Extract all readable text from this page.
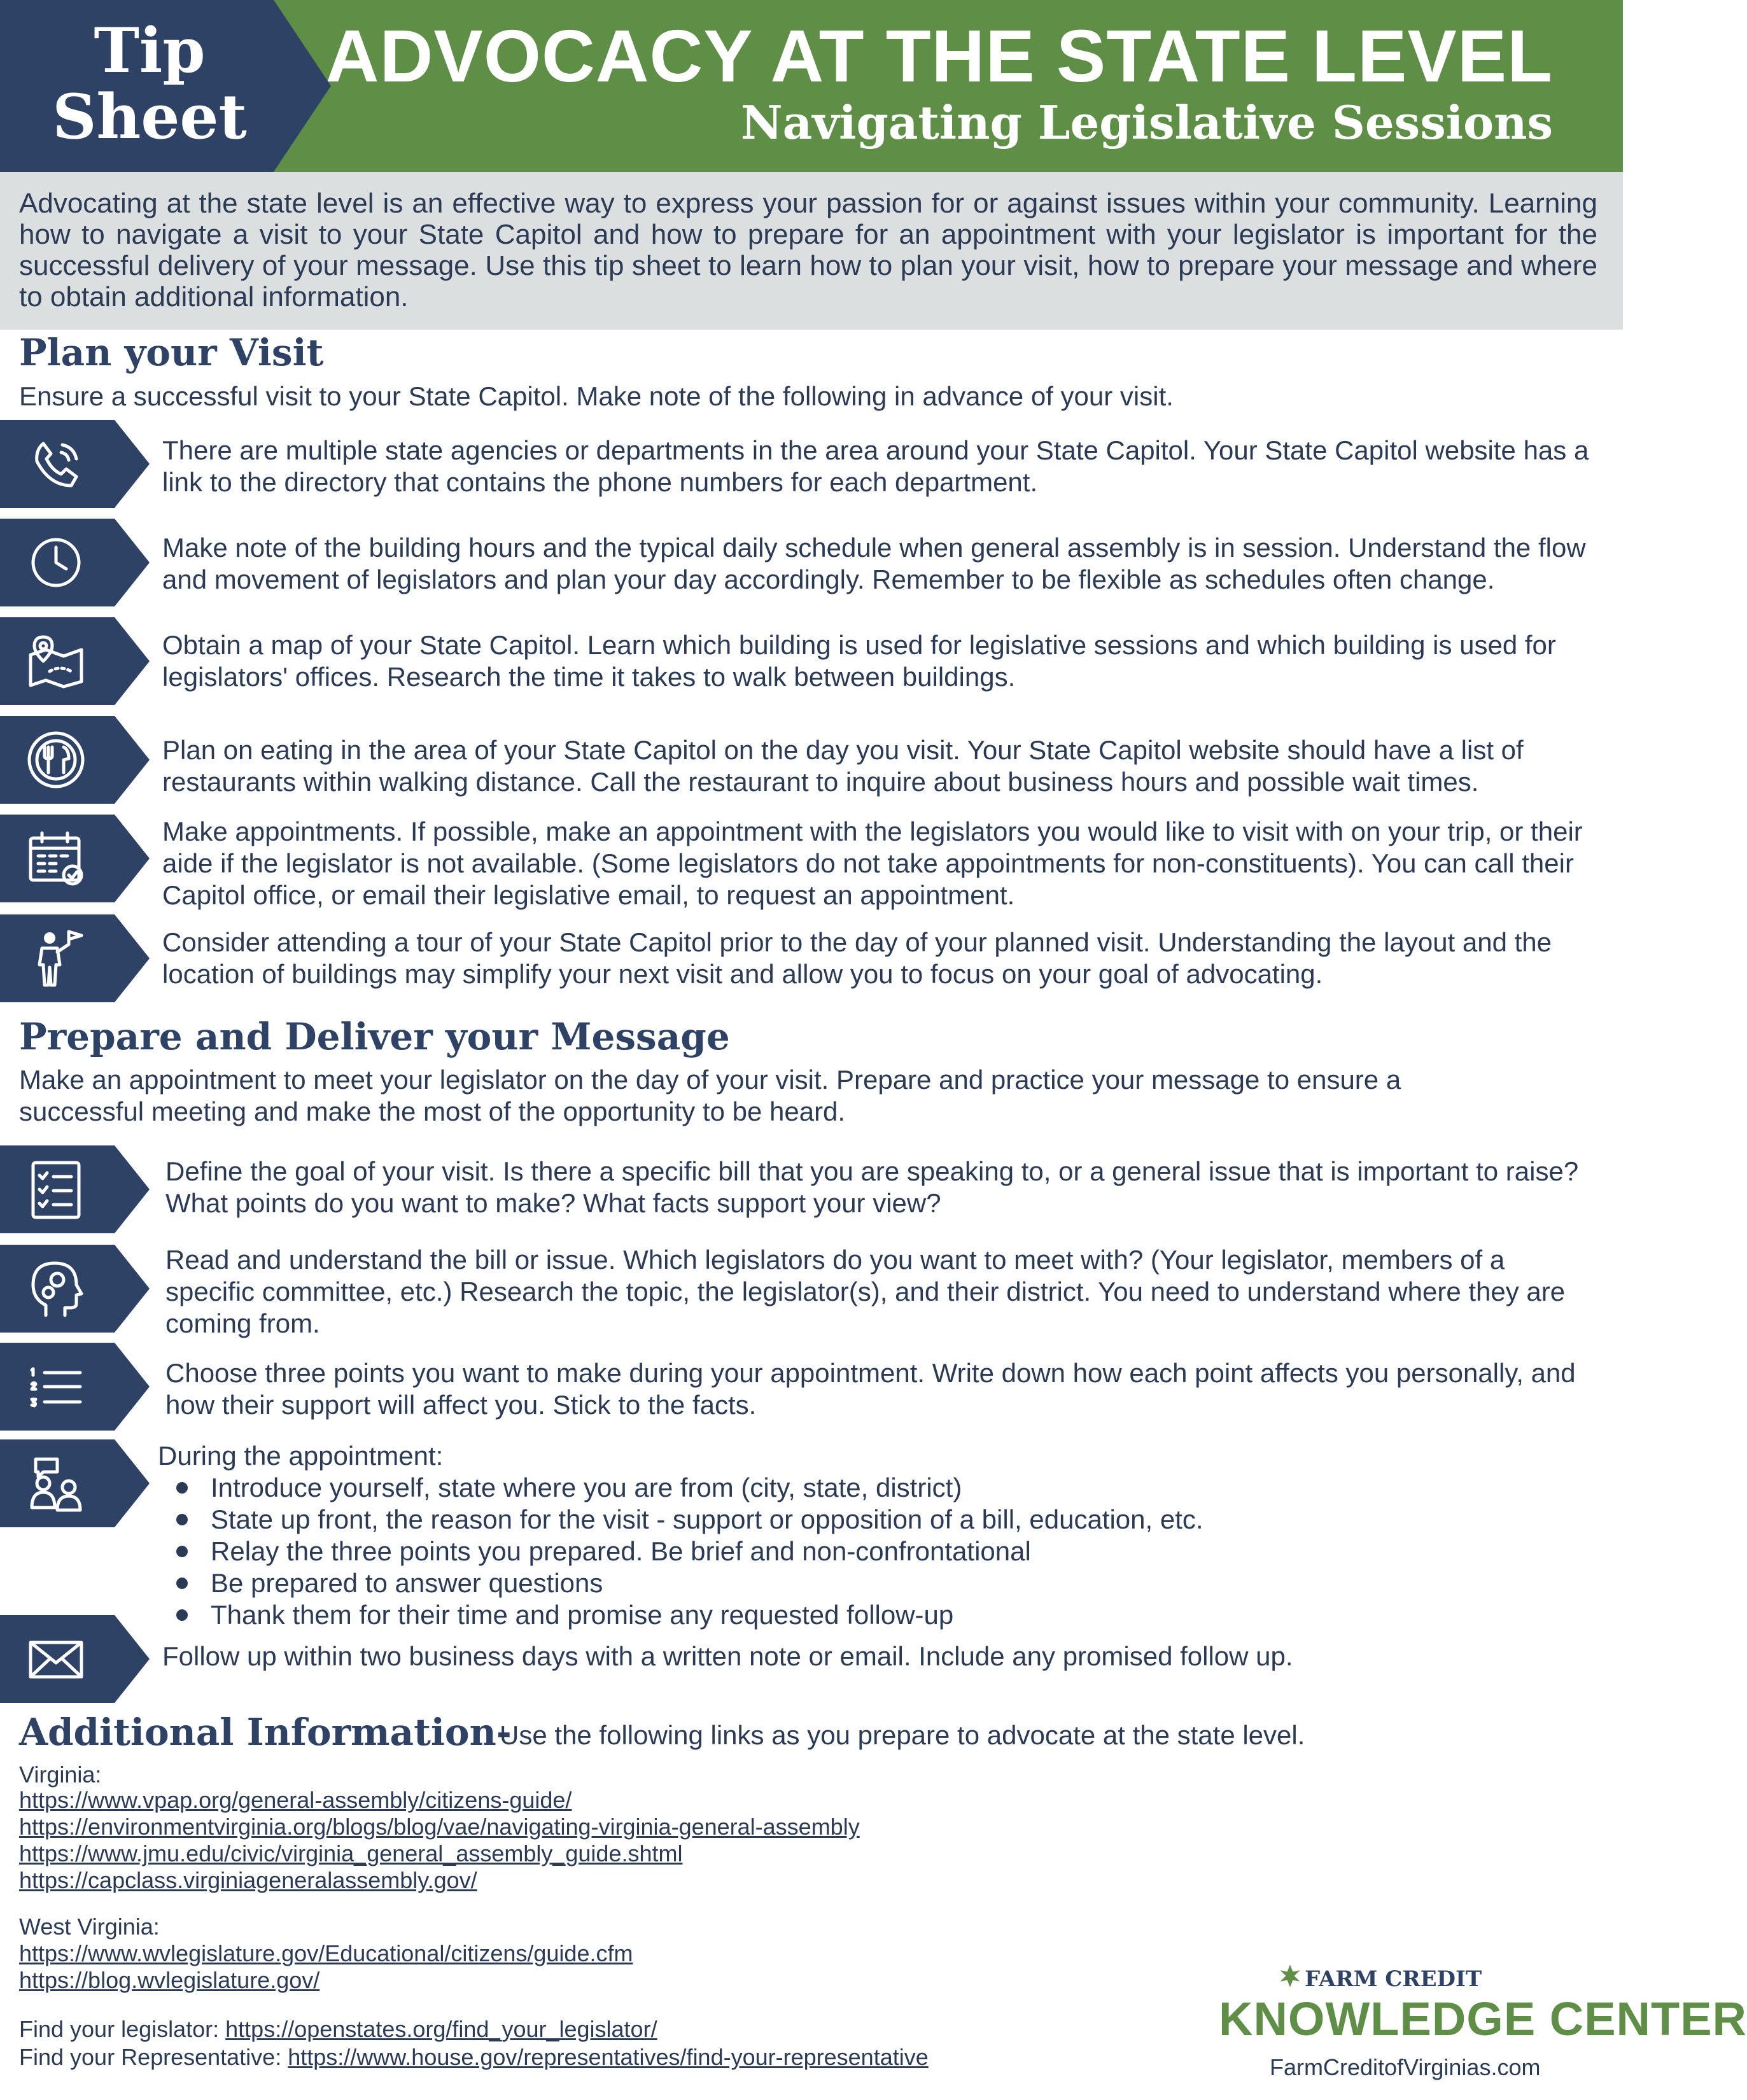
Tip
Sheet
ADVOCACY AT THE STATE LEVEL
Navigating Legislative Sessions
Advocating at the state level is an effective way to express your passion for or against issues within your community. Learning how to navigate a visit to your State Capitol and how to prepare for an appointment with your legislator is important for the successful delivery of your message. Use this tip sheet to learn how to plan your visit, how to prepare your message and where to obtain additional information.
Plan your Visit
Ensure a successful visit to your State Capitol. Make note of the following in advance of your visit.
There are multiple state agencies or departments in the area around your State Capitol. Your State Capitol website has a link to the directory that contains the phone numbers for each department.
Make note of the building hours and the typical daily schedule when general assembly is in session. Understand the flow and movement of legislators and plan your day accordingly. Remember to be flexible as schedules often change.
Obtain a map of your State Capitol. Learn which building is used for legislative sessions and which building is used for legislators' offices. Research the time it takes to walk between buildings.
Plan on eating in the area of your State Capitol on the day you visit. Your State Capitol website should have a list of restaurants within walking distance. Call the restaurant to inquire about business hours and possible wait times.
Make appointments. If possible, make an appointment with the legislators you would like to visit with on your trip, or their aide if the legislator is not available. (Some legislators do not take appointments for non-constituents). You can call their Capitol office, or email their legislative email, to request an appointment.
Consider attending a tour of your State Capitol prior to the day of your planned visit. Understanding the layout and the location of buildings may simplify your next visit and allow you to focus on your goal of advocating.
Prepare and Deliver your Message
Make an appointment to meet your legislator on the day of your visit. Prepare and practice your message to ensure a successful meeting and make the most of the opportunity to be heard.
Define the goal of your visit. Is there a specific bill that you are speaking to, or a general issue that is important to raise? What points do you want to make? What facts support your view?
Read and understand the bill or issue. Which legislators do you want to meet with? (Your legislator, members of a specific committee, etc.) Research the topic, the legislator(s), and their district. You need to understand where they are coming from.
Choose three points you want to make during your appointment. Write down how each point affects you personally, and how their support will affect you. Stick to the facts.
During the appointment:
Introduce yourself, state where you are from (city, state, district)
State up front, the reason for the visit - support or opposition of a bill, education, etc.
Relay the three points you prepared. Be brief and non-confrontational
Be prepared to answer questions
Thank them for their time and promise any requested follow-up
Follow up within two business days with a written note or email. Include any promised follow up.
Additional Information-
Use the following links as you prepare to advocate at the state level.
Virginia:
https://www.vpap.org/general-assembly/citizens-guide/
https://environmentvirginia.org/blogs/blog/vae/navigating-virginia-general-assembly
https://www.jmu.edu/civic/virginia_general_assembly_guide.shtml
https://capclass.virginiageneralassembly.gov/
West Virginia:
https://www.wvlegislature.gov/Educational/citizens/guide.cfm
https://blog.wvlegislature.gov/
Find your legislator: https://openstates.org/find_your_legislator/
Find your Representative: https://www.house.gov/representatives/find-your-representative
FARM CREDIT
KNOWLEDGE CENTER
FarmCreditofVirginias.com
